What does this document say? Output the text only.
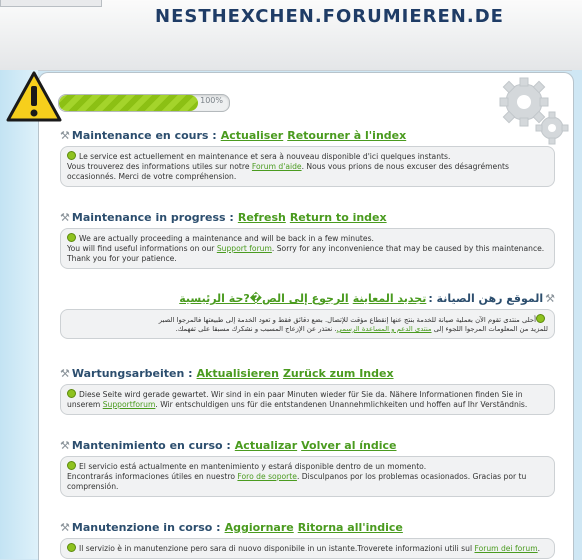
NESTHEXCHEN.FORUMIEREN.DE
100%
⚒ Maintenance en cours : Actualiser Retourner à l'index
Le service est actuellement en maintenance et sera à nouveau disponible d'ici quelques instants.
Vous trouverez des informations utiles sur notre Forum d'aide. Nous vous prions de nous excuser des désagréments occasionnés. Merci de votre compréhension.
⚒ Maintenance in progress : Refresh Return to index
We are actually proceeding a maintenance and will be back in a few minutes.
You will find useful informations on our Support forum. Sorry for any inconvenience that may be caused by this maintenance. Thank you for your patience.
⚒
الموقع رهن الصيانة :
تجديد المعاينة
الرجوع إلى الص�?حة الرئيسية
أحلى منتدى تقوم الآن بعملية صيانة للخدمة بنتج عنها إنقطاع مؤقت للإتصال. بضع دقائق فقط و تعود الخدمة إلى طبيعتها فالمرجوا الصبر
للمزيد من المعلومات المرجوا اللجوء إلى منتدى الدعم و المساعدة الرسمي. نعتذر عن الإزعاج المسبب و نشكرك مسبقا على تفهمك.
⚒ Wartungsarbeiten : Aktualisieren Zurück zum Index
Diese Seite wird gerade gewartet. Wir sind in ein paar Minuten wieder für Sie da. Nähere Informationen finden Sie in
unserem Supportforum. Wir entschuldigen uns für die entstandenen Unannehmlichkeiten und hoffen auf Ihr Verständnis.
⚒ Mantenimiento en curso : Actualizar Volver al índice
El servicio está actualmente en mantenimiento y estará disponible dentro de un momento.
Encontrarás informaciones útiles en nuestro Foro de soporte. Disculpanos por los problemas ocasionados. Gracias por tu comprensión.
⚒ Manutenzione in corso : Aggiornare Ritorna all'indice
Il servizio è in manutenzione pero sara di nuovo disponibile in un istante.Troverete informazioni utili sul Forum dei forum.
